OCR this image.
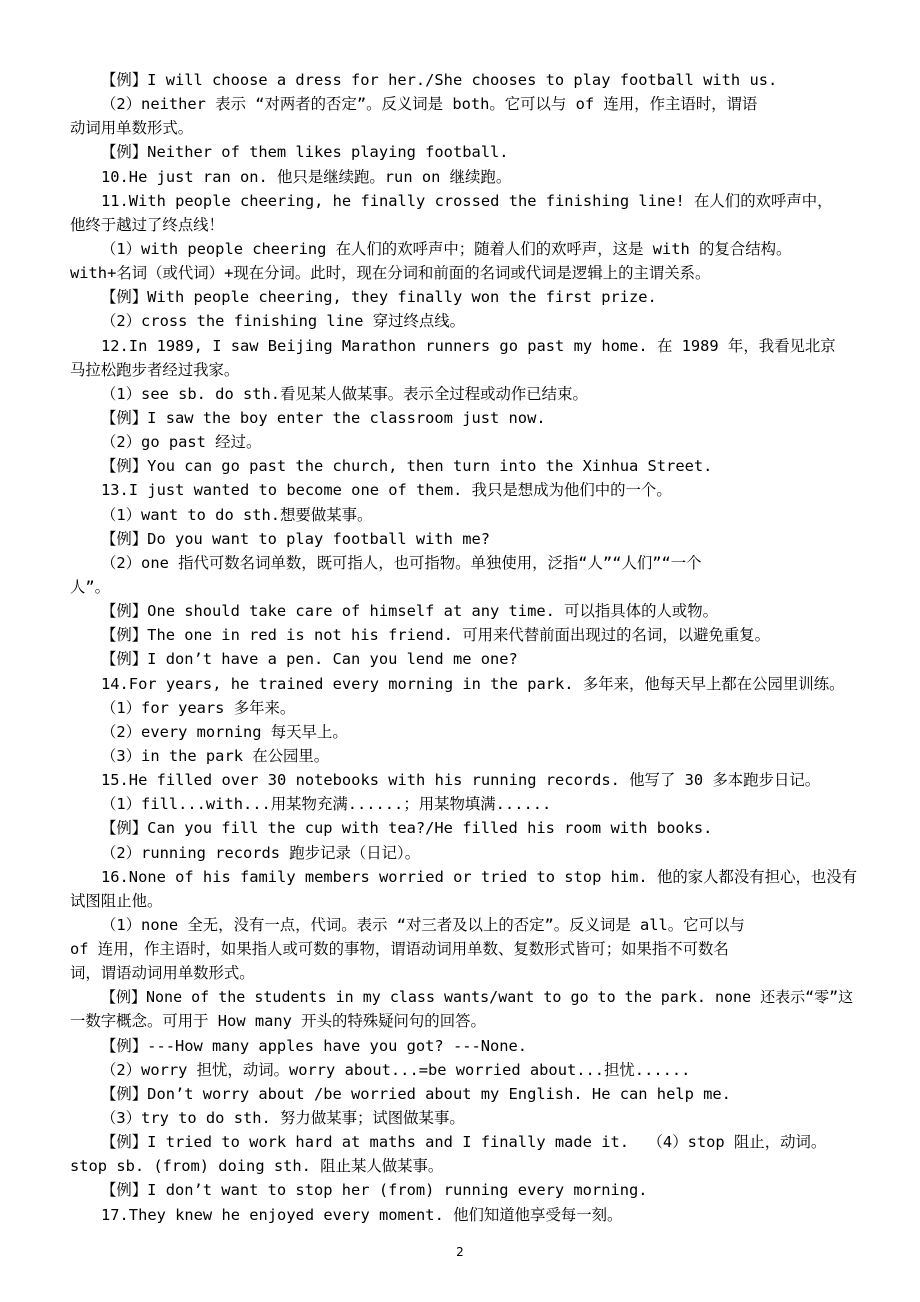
【例】I will choose a dress for her./She chooses to play football with us.
（2）neither 表示 “对两者的否定”。反义词是 both。它可以与 of 连用，作主语时，谓语
动词用单数形式。
【例】Neither of them likes playing football.
10.He just ran on. 他只是继续跑。run on 继续跑。
11.With people cheering, he finally crossed the finishing line! 在人们的欢呼声中，
他终于越过了终点线！
（1）with people cheering 在人们的欢呼声中；随着人们的欢呼声，这是 with 的复合结构。
with+名词（或代词）+现在分词。此时，现在分词和前面的名词或代词是逻辑上的主谓关系。
【例】With people cheering, they finally won the first prize.
（2）cross the finishing line 穿过终点线。
12.In 1989, I saw Beijing Marathon runners go past my home. 在 1989 年，我看见北京
马拉松跑步者经过我家。
（1）see sb. do sth.看见某人做某事。表示全过程或动作已结束。
【例】I saw the boy enter the classroom just now.
（2）go past 经过。
【例】You can go past the church, then turn into the Xinhua Street.
13.I just wanted to become one of them. 我只是想成为他们中的一个。
（1）want to do sth.想要做某事。
【例】Do you want to play football with me?
（2）one 指代可数名词单数，既可指人，也可指物。单独使用，泛指“人”“人们”“一个
人”。
【例】One should take care of himself at any time. 可以指具体的人或物。
【例】The one in red is not his friend. 可用来代替前面出现过的名词，以避免重复。
【例】I don’t have a pen. Can you lend me one?
14.For years, he trained every morning in the park. 多年来，他每天早上都在公园里训练。
（1）for years 多年来。
（2）every morning 每天早上。
（3）in the park 在公园里。
15.He filled over 30 notebooks with his running records. 他写了 30 多本跑步日记。
（1）fill...with...用某物充满......；用某物填满......
【例】Can you fill the cup with tea?/He filled his room with books.
（2）running records 跑步记录（日记）。
16.None of his family members worried or tried to stop him. 他的家人都没有担心，也没有
试图阻止他。
（1）none 全无，没有一点，代词。表示 “对三者及以上的否定”。反义词是 all。它可以与
of 连用，作主语时，如果指人或可数的事物，谓语动词用单数、复数形式皆可；如果指不可数名
词，谓语动词用单数形式。
【例】None of the students in my class wants/want to go to the park. none 还表示“零”这
一数字概念。可用于 How many 开头的特殊疑问句的回答。
【例】---How many apples have you got? ---None.
（2）worry 担忧，动词。worry about...=be worried about...担忧......
【例】Don’t worry about /be worried about my English. He can help me.
（3）try to do sth. 努力做某事；试图做某事。
【例】I tried to work hard at maths and I finally made it.  （4）stop 阻止，动词。
stop sb. (from) doing sth. 阻止某人做某事。
【例】I don’t want to stop her (from) running every morning.
17.They knew he enjoyed every moment. 他们知道他享受每一刻。
2
